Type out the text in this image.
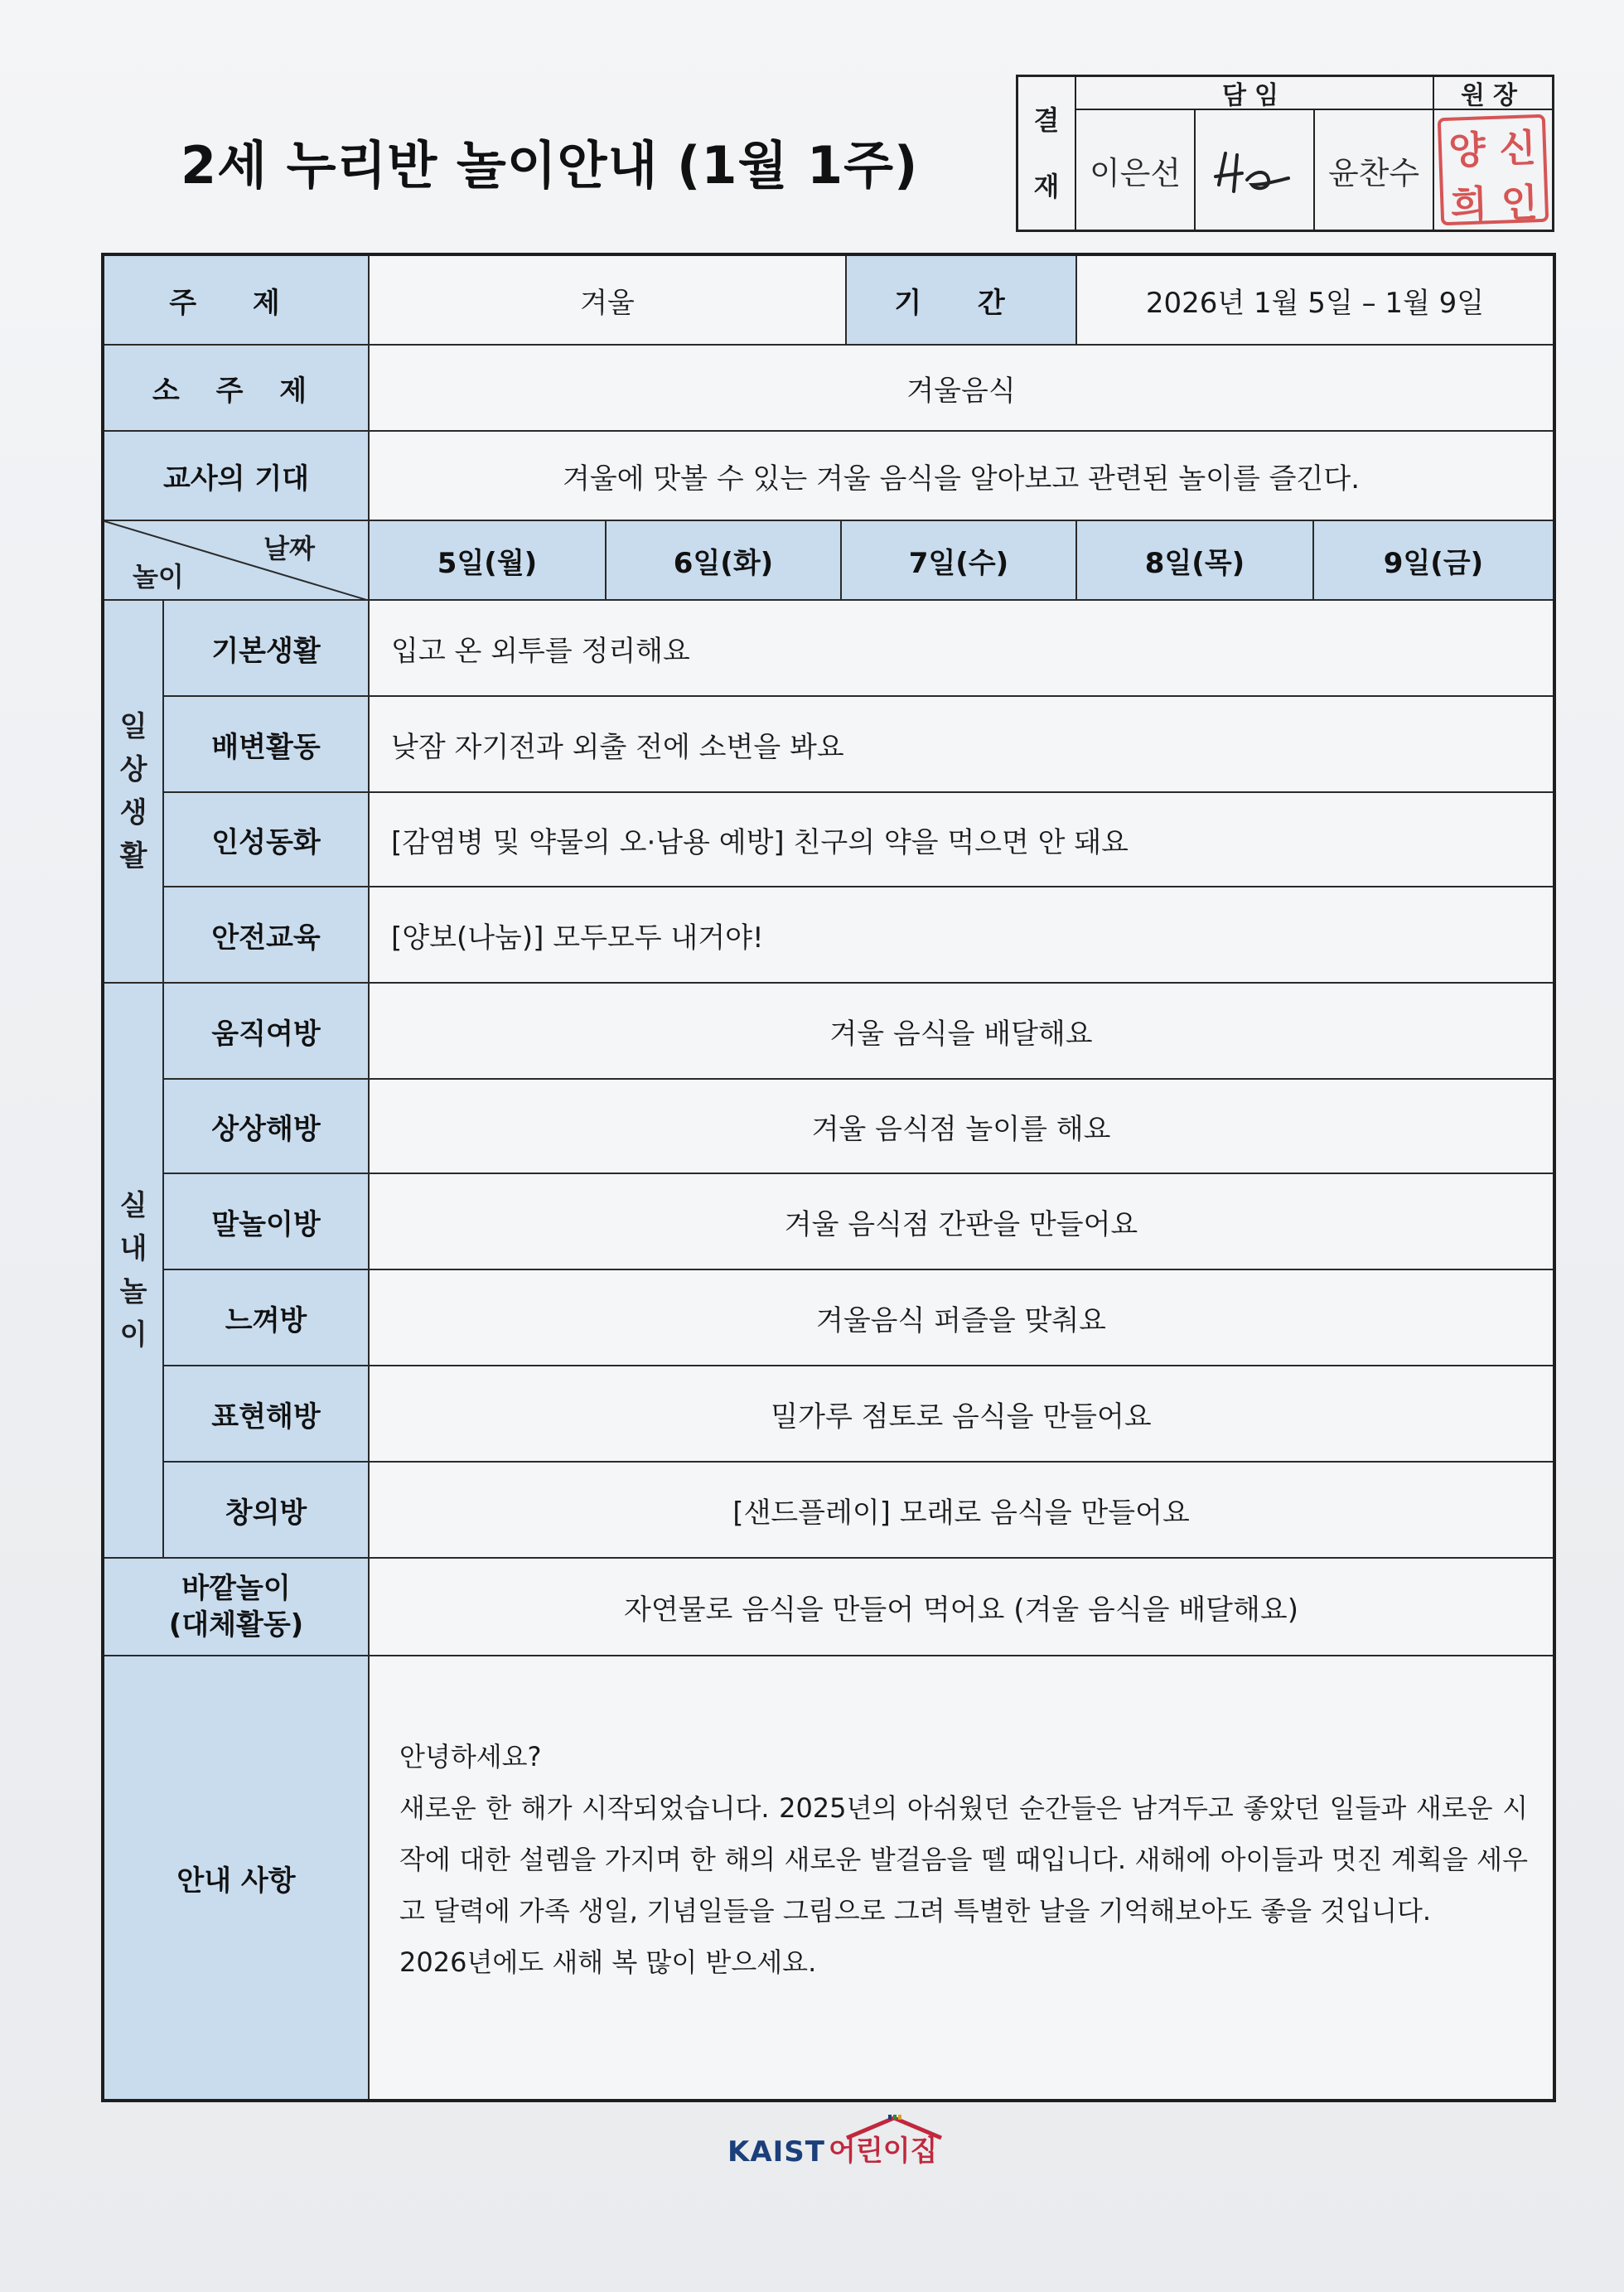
2세 누리반 놀이안내 (1월 1주)
결
재
담임	원장
이은선	윤찬수 양 신
희 인
주 제	겨울	기 간	2026년 1월 5일 – 1월 9일
소 주 제	겨울음식
교사의 기대	겨울에 맛볼 수 있는 겨울 음식을 알아보고 관련된 놀이를 즐긴다.
날짜
놀이	5일(월)	6일(화)	7일(수)	8일(목)	9일(금)
일
상
생
활
기본생활	입고 온 외투를 정리해요
배변활동	낮잠 자기전과 외출 전에 소변을 봐요
인성동화	[감염병 및 약물의 오·남용 예방] 친구의 약을 먹으면 안 돼요
안전교육	[양보(나눔)] 모두모두 내거야!
실
내
놀
이
움직여방	겨울 음식을 배달해요
상상해방	겨울 음식점 놀이를 해요
말놀이방	겨울 음식점 간판을 만들어요
느껴방	겨울음식 퍼즐을 맞춰요
표현해방	밀가루 점토로 음식을 만들어요
창의방	[샌드플레이] 모래로 음식을 만들어요
바깥놀이
(대체활동)	자연물로 음식을 만들어 먹어요 (겨울 음식을 배달해요)
안내 사항

안녕하세요?

새로운 한 해가 시작되었습니다. 2025년의 아쉬웠던 순간들은 남겨두고 좋았던 일들과 새로운 시작에 대한 설렘을 가지며 한 해의 새로운 발걸음을 뗄 때입니다. 새해에 아이들과 멋진 계획을 세우고 달력에 가족 생일, 기념일들을 그림으로 그려 특별한 날을 기억해보아도 좋을 것입니다.

2026년에도 새해 복 많이 받으세요.

KAIST 어린이집
